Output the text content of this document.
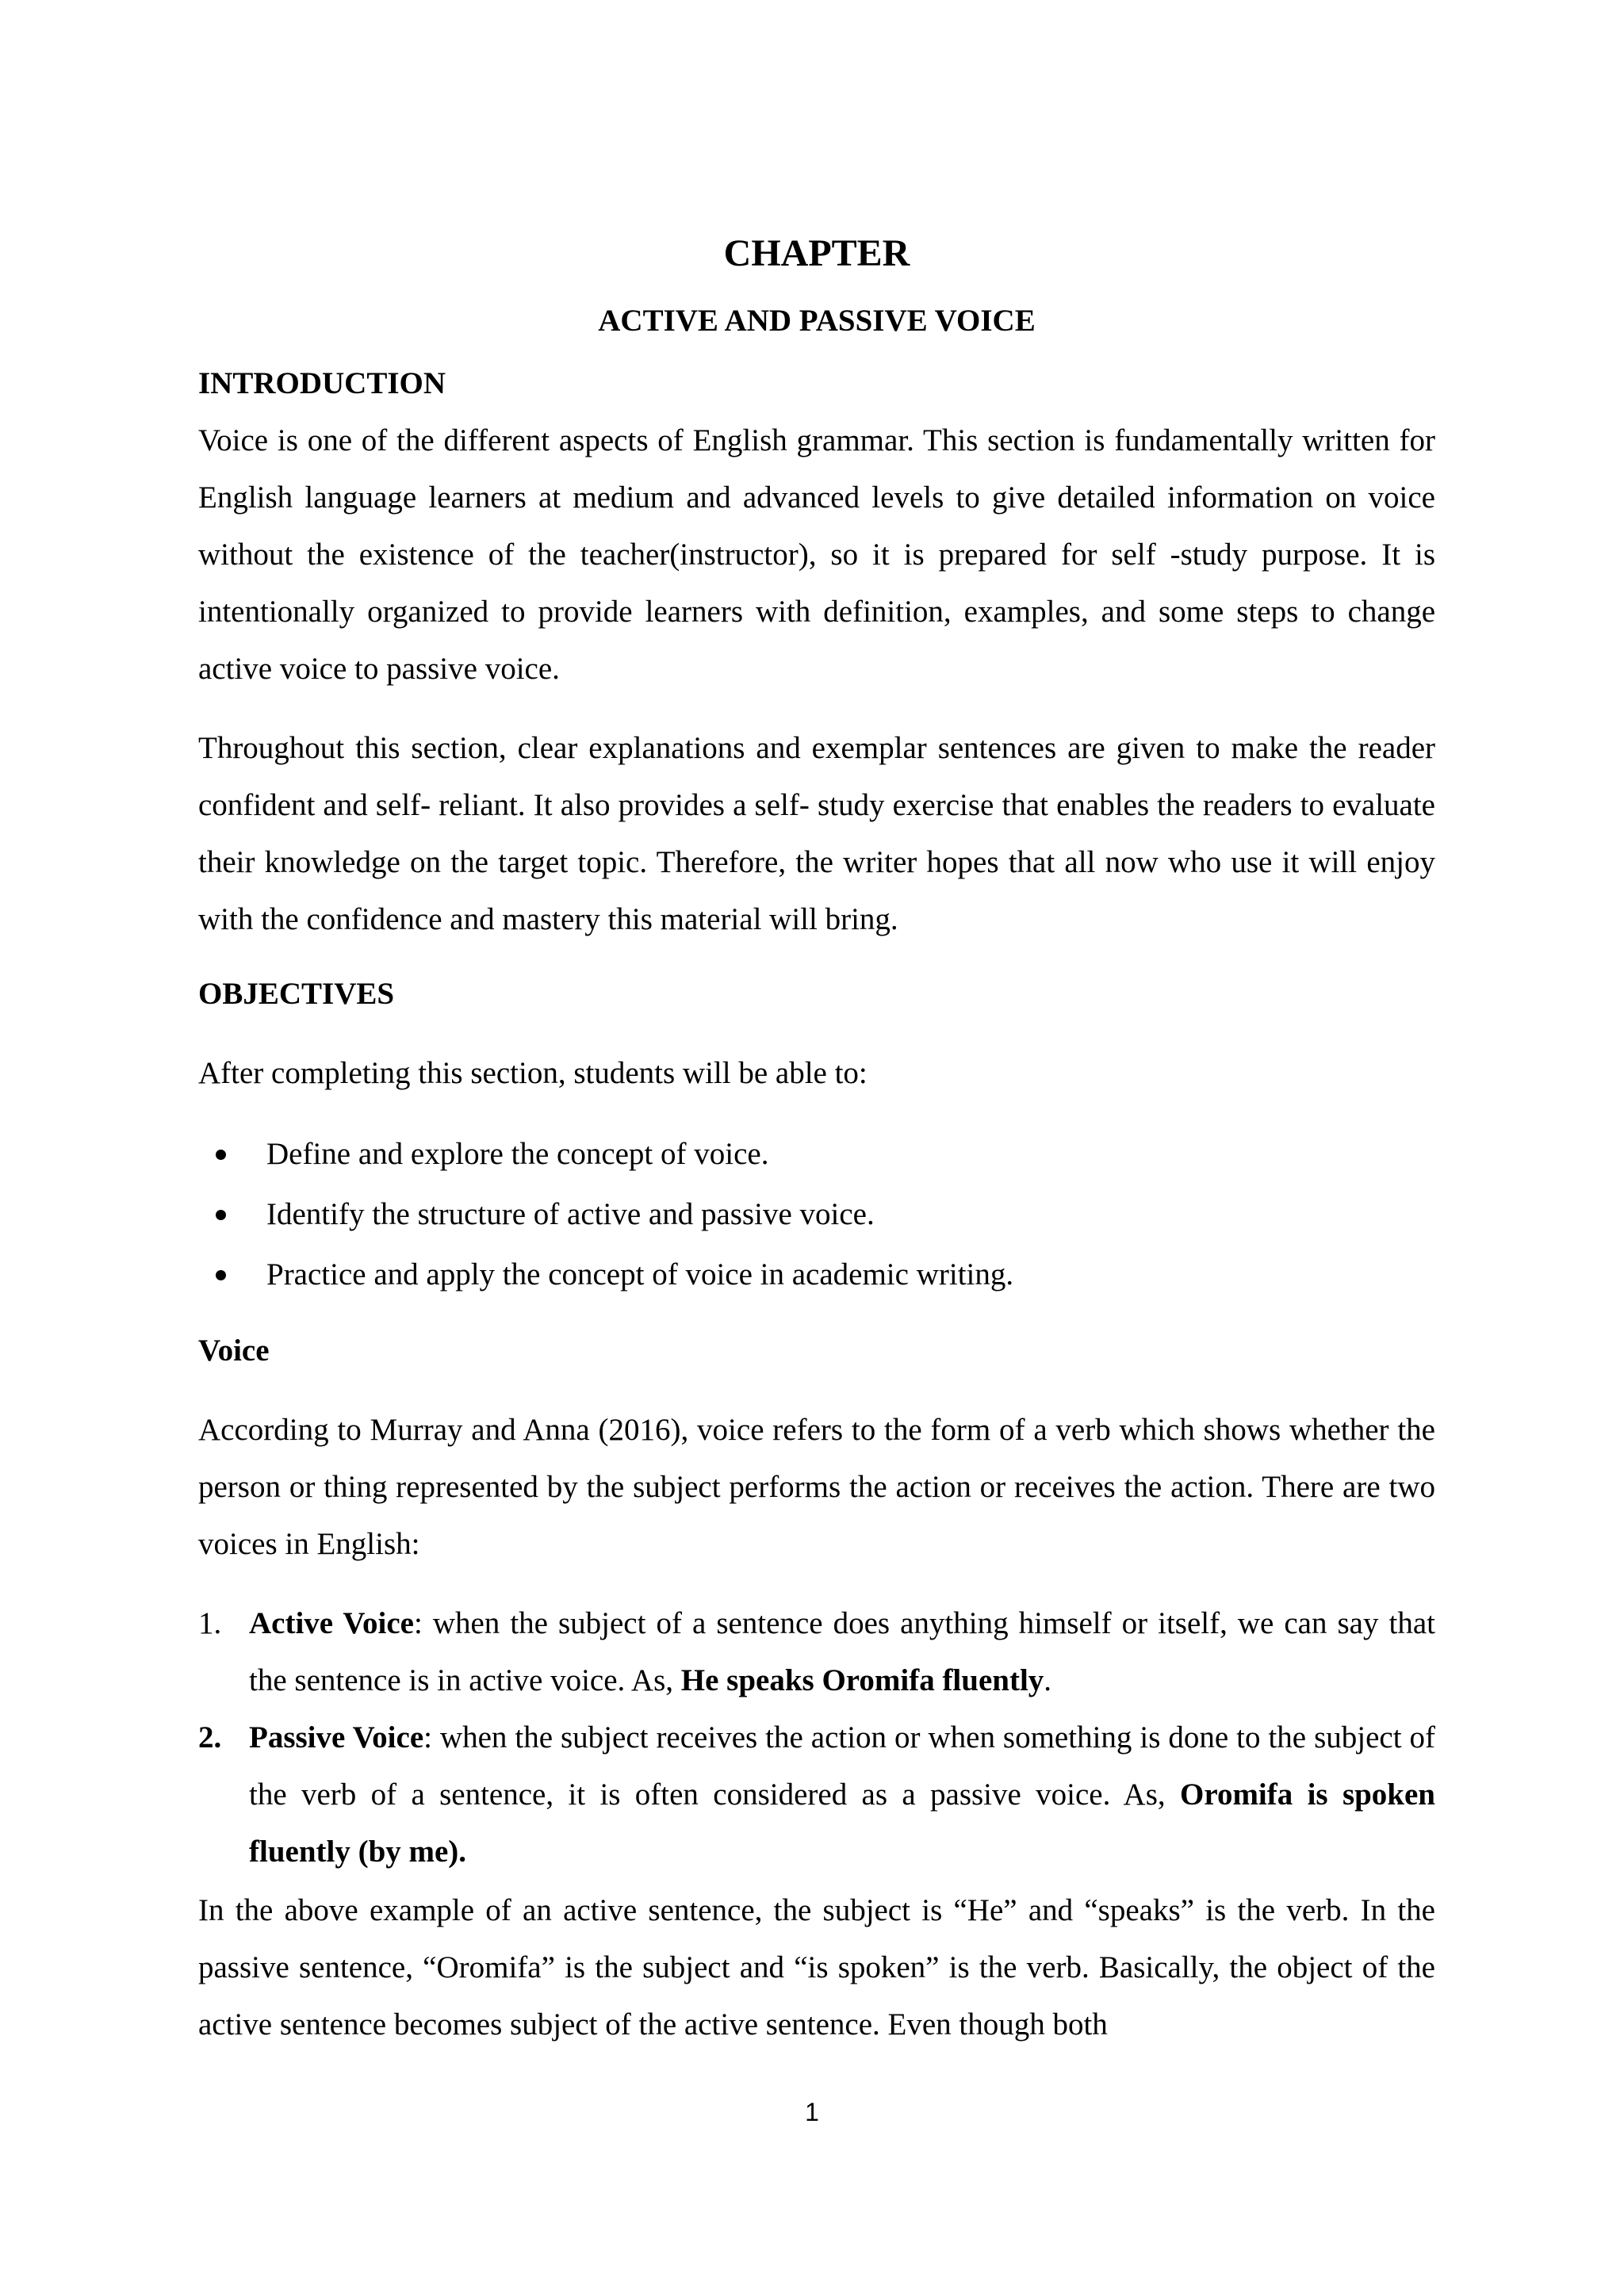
CHAPTER
ACTIVE AND PASSIVE VOICE
INTRODUCTION

Voice is one of the different aspects of English grammar. This section is fundamentally written for English language learners at medium and advanced levels to give detailed information on voice without the existence of the teacher(instructor), so it is prepared for self -study purpose. It is intentionally organized to provide learners with definition, examples, and some steps to change active voice to passive voice.

Throughout this section, clear explanations and exemplar sentences are given to make the reader confident and self- reliant. It also provides a self- study exercise that enables the readers to evaluate their knowledge on the target topic. Therefore, the writer hopes that all now who use it will enjoy with the confidence and mastery this material will bring.

OBJECTIVES

After completing this section, students will be able to:

Define and explore the concept of voice.
Identify the structure of active and passive voice.
Practice and apply the concept of voice in academic writing.
Voice

According to Murray and Anna (2016), voice refers to the form of a verb which shows whether the person or thing represented by the subject performs the action or receives the action. There are two voices in English:

1. Active Voice: when the subject of a sentence does anything himself or itself, we can say that the sentence is in active voice. As, He speaks Oromifa fluently.
2. Passive Voice: when the subject receives the action or when something is done to the subject of the verb of a sentence, it is often considered as a passive voice. As, Oromifa is spoken fluently (by me).

In the above example of an active sentence, the subject is “He” and “speaks” is the verb. In the passive sentence, “Oromifa” is the subject and “is spoken” is the verb. Basically, the object of the active sentence becomes subject of the active sentence. Even though both

1
